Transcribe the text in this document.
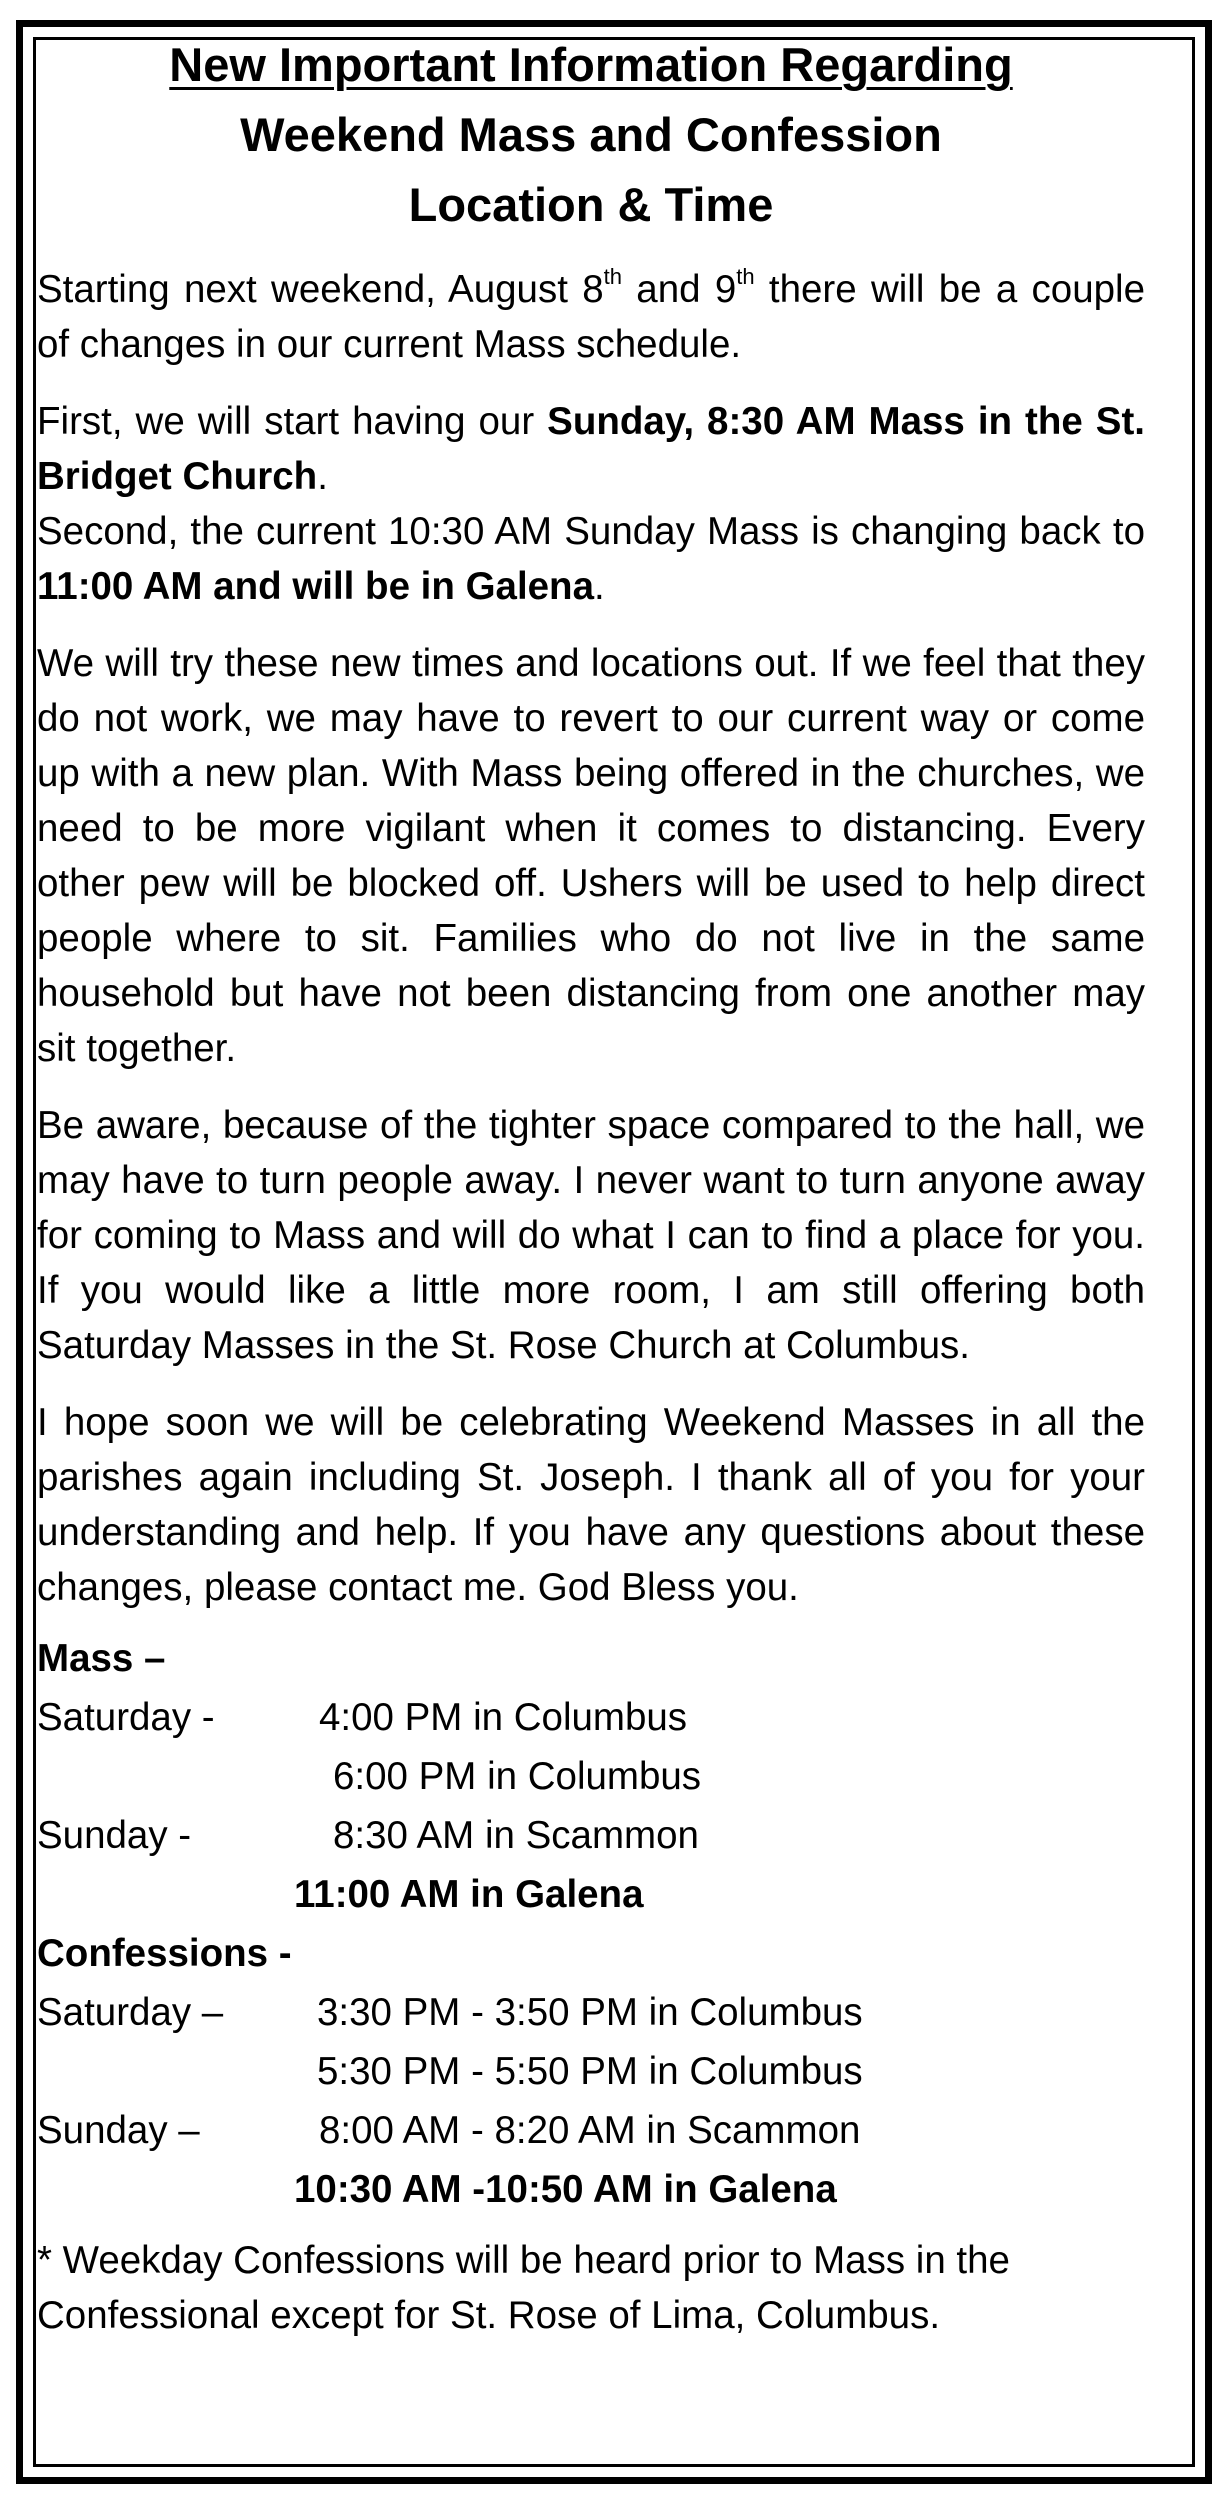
New Important Information Regarding
Weekend Mass and Confession
Location & Time

Starting next weekend, August 8th and 9th there will be a couple of changes in our current Mass schedule.

First, we will start having our Sunday, 8:30 AM Mass in the St. Bridget Church.

Second, the current 10:30 AM Sunday Mass is changing back to 11:00 AM and will be in Galena.

We will try these new times and locations out. If we feel that they do not work, we may have to revert to our current way or come up with a new plan. With Mass being offered in the churches, we need to be more vigilant when it comes to distancing. Every other pew will be blocked off. Ushers will be used to help direct people where to sit. Families who do not live in the same household but have not been distancing from one another may sit together.

Be aware, because of the tighter space compared to the hall, we may have to turn people away. I never want to turn anyone away for coming to Mass and will do what I can to find a place for you. If you would like a little more room, I am still offering both Saturday Masses in the St. Rose Church at Columbus.

I hope soon we will be celebrating Weekend Masses in all the parishes again including St. Joseph. I thank all of you for your understanding and help. If you have any questions about these changes, please contact me. God Bless you.

Mass –
Saturday -	4:00 PM in Columbus
6:00 PM in Columbus
Sunday -	8:30 AM in Scammon
11:00 AM in Galena
Confessions -
Saturday – 3:30 PM - 3:50 PM in Columbus
5:30 PM - 5:50 PM in Columbus
Sunday –	8:00 AM - 8:20 AM in Scammon
10:30 AM -10:50 AM in Galena

* Weekday Confessions will be heard prior to Mass in the Confessional except for St. Rose of Lima, Columbus.
